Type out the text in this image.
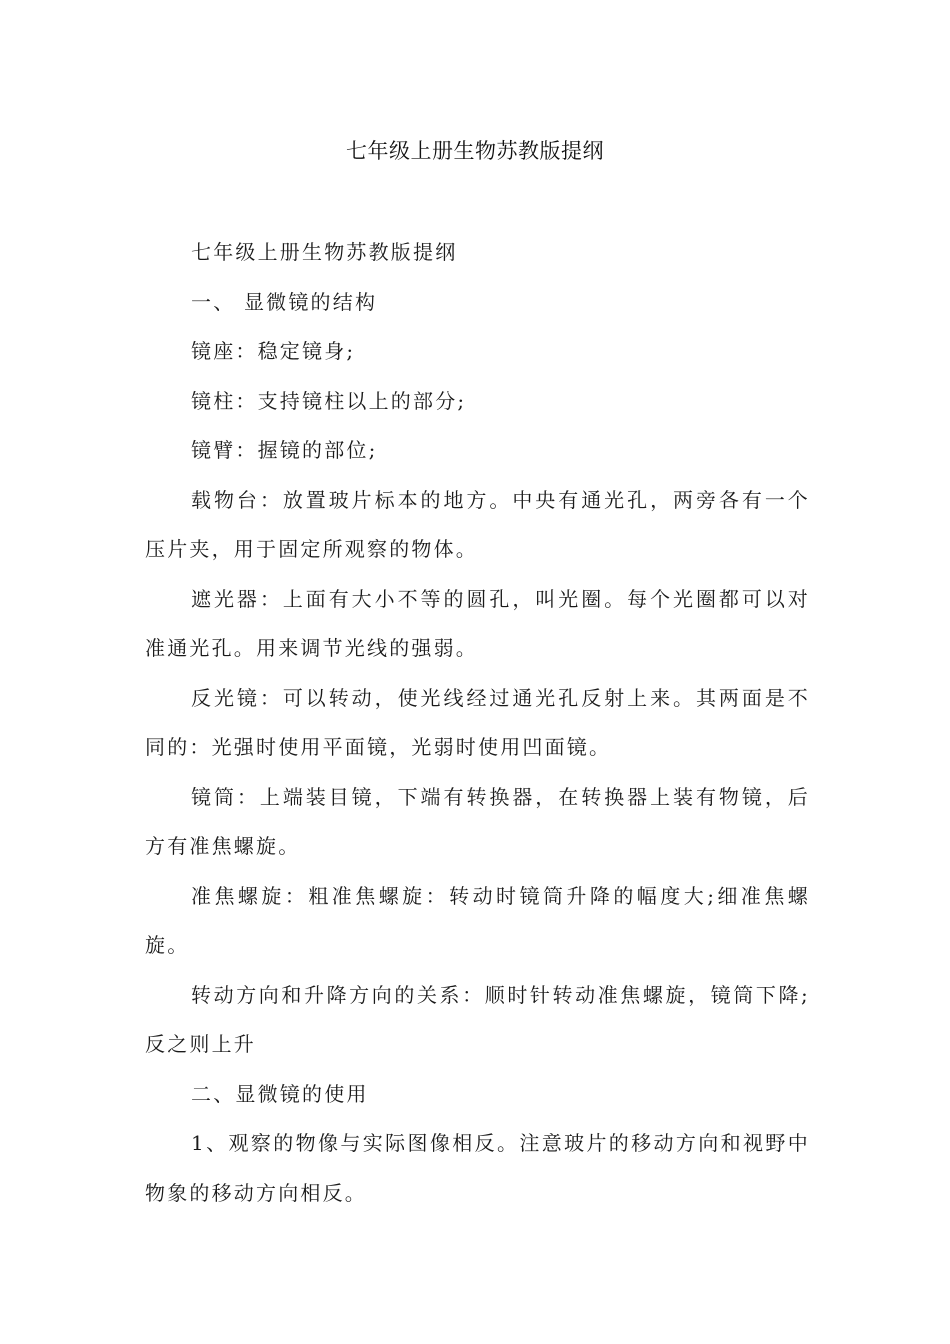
七年级上册生物苏教版提纲

七年级上册生物苏教版提纲

一、 显微镜的结构

镜座：稳定镜身;

镜柱：支持镜柱以上的部分;

镜臂：握镜的部位;

载物台：放置玻片标本的地方。中央有通光孔，两旁各有一个压片夹，用于固定所观察的物体。

遮光器：上面有大小不等的圆孔，叫光圈。每个光圈都可以对准通光孔。用来调节光线的强弱。

反光镜：可以转动，使光线经过通光孔反射上来。其两面是不同的：光强时使用平面镜，光弱时使用凹面镜。

镜筒：上端装目镜，下端有转换器，在转换器上装有物镜，后方有准焦螺旋。

准焦螺旋：粗准焦螺旋：转动时镜筒升降的幅度大;细准焦螺旋。

转动方向和升降方向的关系：顺时针转动准焦螺旋，镜筒下降;反之则上升

二、显微镜的使用

1、观察的物像与实际图像相反。注意玻片的移动方向和视野中物象的移动方向相反。
